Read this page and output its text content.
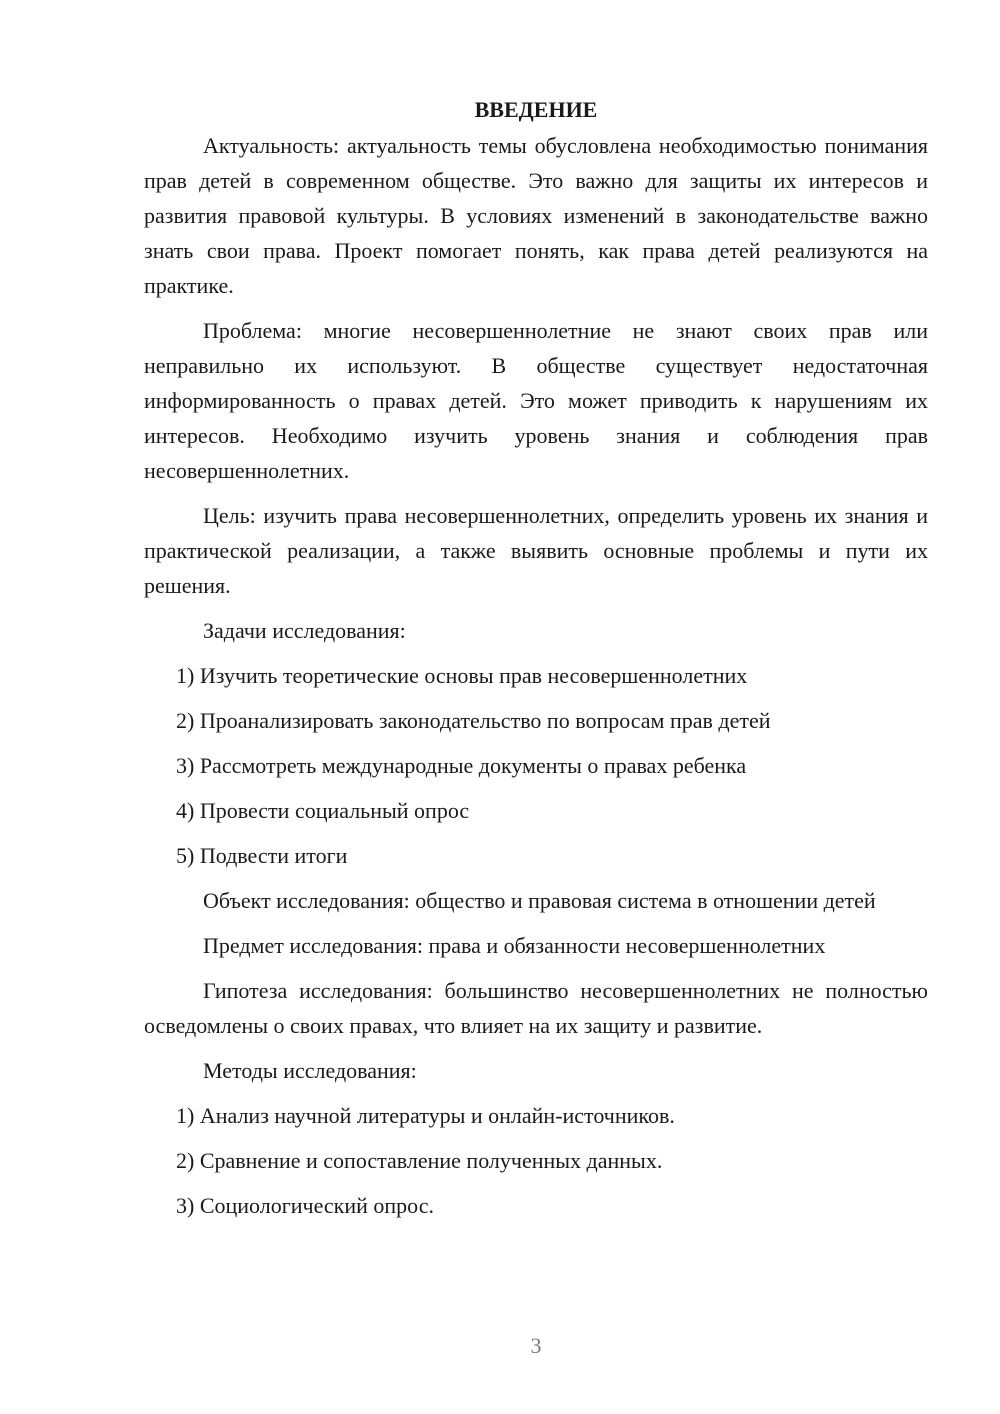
ВВЕДЕНИЕ

Актуальность: актуальность темы обусловлена необходимостью понимания прав детей в современном обществе. Это важно для защиты их интересов и развития правовой культуры. В условиях изменений в законодательстве важно знать свои права. Проект помогает понять, как права детей реализуются на практике.

Проблема: многие несовершеннолетние не знают своих прав или неправильно их используют. В обществе существует недостаточная информированность о правах детей. Это может приводить к нарушениям их интересов. Необходимо изучить уровень знания и соблюдения прав несовершеннолетних.

Цель: изучить права несовершеннолетних, определить уровень их знания и практической реализации, а также выявить основные проблемы и пути их решения.

Задачи исследования:
1) Изучить теоретические основы прав несовершеннолетних
2) Проанализировать законодательство по вопросам прав детей
3) Рассмотреть международные документы о правах ребенка
4) Провести социальный опрос
5) Подвести итоги

Объект исследования: общество и правовая система в отношении детей

Предмет исследования: права и обязанности несовершеннолетних

Гипотеза исследования: большинство несовершеннолетних не полностью осведомлены о своих правах, что влияет на их защиту и развитие.

Методы исследования:
1) Анализ научной литературы и онлайн-источников.
2) Сравнение и сопоставление полученных данных.
3) Социологический опрос.
3
